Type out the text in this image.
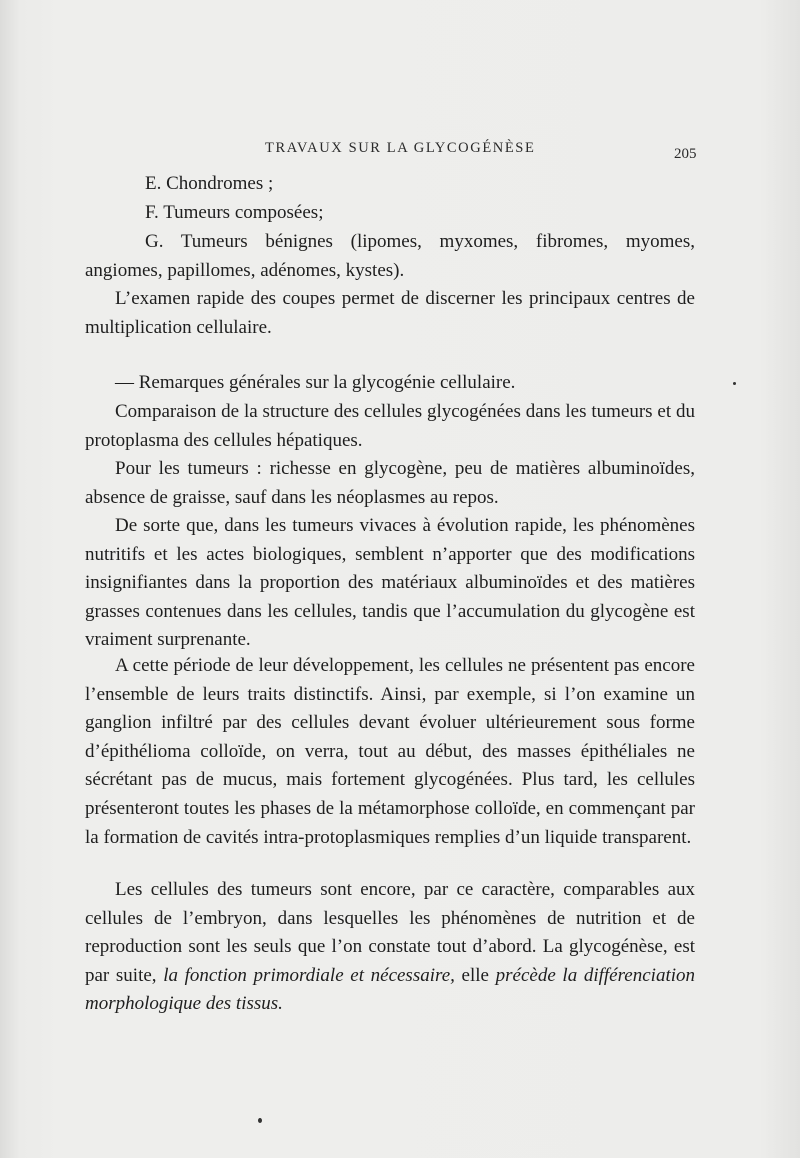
TRAVAUX SUR LA GLYCOGÉNÈSE	205

E. Chondromes ;

F. Tumeurs composées;

G. Tumeurs bénignes (lipomes, myxomes, fibromes, myomes, angiomes, papillomes, adénomes, kystes).

L’examen rapide des coupes permet de discerner les principaux centres de multiplication cellulaire.

— Remarques générales sur la glycogénie cellulaire.

Comparaison de la structure des cellules glycogénées dans les tumeurs et du protoplasma des cellules hépatiques.

Pour les tumeurs : richesse en glycogène, peu de matières albuminoïdes, absence de graisse, sauf dans les néoplasmes au repos.

De sorte que, dans les tumeurs vivaces à évolution rapide, les phénomènes nutritifs et les actes biologiques, semblent n’apporter que des modifications insignifiantes dans la proportion des matériaux albuminoïdes et des matières grasses contenues dans les cellules, tandis que l’accumulation du glycogène est vraiment surprenante.

A cette période de leur développement, les cellules ne présentent pas encore l’ensemble de leurs traits distinctifs. Ainsi, par exemple, si l’on examine un ganglion infiltré par des cellules devant évoluer ultérieurement sous forme d’épithélioma colloïde, on verra, tout au début, des masses épithéliales ne sécrétant pas de mucus, mais fortement glycogénées. Plus tard, les cellules présenteront toutes les phases de la métamorphose colloïde, en commençant par la formation de cavités intra-protoplasmiques remplies d’un liquide transparent.

Les cellules des tumeurs sont encore, par ce caractère, comparables aux cellules de l’embryon, dans lesquelles les phénomènes de nutrition et de reproduction sont les seuls que l’on constate tout d’abord. La glycogénèse, est par suite, la fonction primordiale et nécessaire, elle précède la différenciation morphologique des tissus.
